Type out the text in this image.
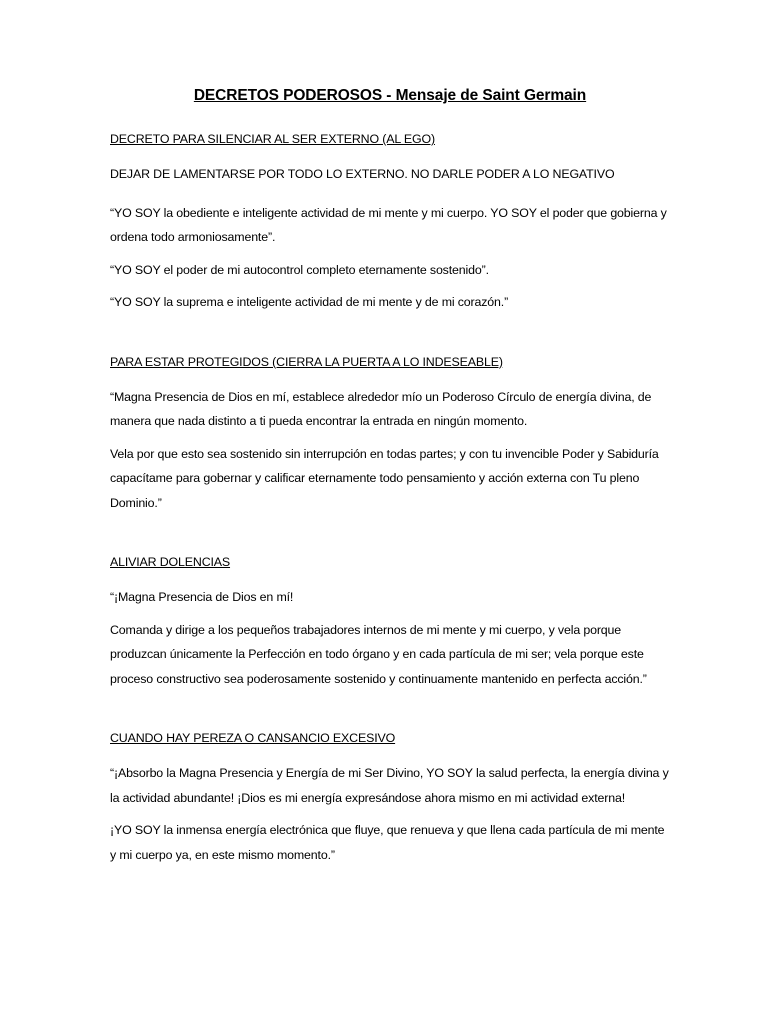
DECRETOS PODEROSOS - Mensaje de Saint Germain
DECRETO PARA SILENCIAR AL SER EXTERNO (AL EGO)

DEJAR DE LAMENTARSE POR TODO LO EXTERNO. NO DARLE PODER A LO NEGATIVO

“YO SOY la obediente e inteligente actividad de mi mente y mi cuerpo. YO SOY el poder que gobierna y ordena todo armoniosamente”.

“YO SOY el poder de mi autocontrol completo eternamente sostenido”.

“YO SOY la suprema e inteligente actividad de mi mente y de mi corazón.”

PARA ESTAR PROTEGIDOS (CIERRA LA PUERTA A LO INDESEABLE)

“Magna Presencia de Dios en mí, establece alrededor mío un Poderoso Círculo de energía divina, de manera que nada distinto a ti pueda encontrar la entrada en ningún momento.

Vela por que esto sea sostenido sin interrupción en todas partes; y con tu invencible Poder y Sabiduría capacítame para gobernar y calificar eternamente todo pensamiento y acción externa con Tu pleno Dominio.”

ALIVIAR DOLENCIAS

“¡Magna Presencia de Dios en mí!

Comanda y dirige a los pequeños trabajadores internos de mi mente y mi cuerpo, y vela porque produzcan únicamente la Perfección en todo órgano y en cada partícula de mi ser; vela porque este proceso constructivo sea poderosamente sostenido y continuamente mantenido en perfecta acción.”

CUANDO HAY PEREZA O CANSANCIO EXCESIVO

“¡Absorbo la Magna Presencia y Energía de mi Ser Divino, YO SOY la salud perfecta, la energía divina y la actividad abundante! ¡Dios es mi energía expresándose ahora mismo en mi actividad externa!

¡YO SOY la inmensa energía electrónica que fluye, que renueva y que llena cada partícula de mi mente y mi cuerpo ya, en este mismo momento.”
